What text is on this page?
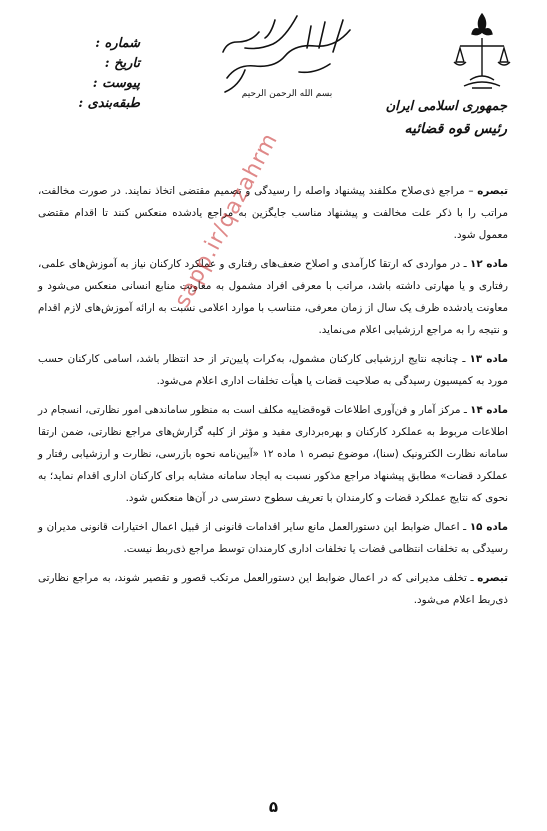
شماره :
تاریخ :
پیوست :
طبقه‌بندی :
بسم الله الرحمن الرحیم
جمهوری اسلامی ایران
رئیس قوه قضائیه

تبصره – مراجع ذی‌صلاح مکلفند پیشنهاد واصله را رسیدگی و تصمیم مقتضی اتخاذ نمایند. در صورت مخالفت، مراتب را با ذکر علت مخالفت و پیشنهاد مناسب جایگزین به مراجع یادشده منعکس کنند تا اقدام مقتضی معمول شود.

ماده ۱۲ ـ در مواردی که ارتقا کارآمدی و اصلاح ضعف‌های رفتاری و عملکرد کارکنان نیاز به آموزش‌های علمی، رفتاری و یا مهارتی داشته باشد، مراتب با معرفی افراد مشمول به معاونت منابع انسانی منعکس می‌شود و معاونت یادشده ظرف یک سال از زمان معرفی، متناسب با موارد اعلامی نسبت به ارائه آموزش‌های لازم اقدام و نتیجه را به مراجع ارزشیابی اعلام می‌نماید.

ماده ۱۳ ـ چنانچه نتایج ارزشیابی کارکنان مشمول، به‌کرات پایین‌تر از حد انتظار باشد، اسامی کارکنان حسب مورد به کمیسیون رسیدگی به صلاحیت قضات یا هیأت تخلفات اداری اعلام می‌شود.

ماده ۱۴ ـ مرکز آمار و فن‌آوری اطلاعات قوه‌قضاییه مکلف است به منظور ساماندهی امور نظارتی، انسجام در اطلاعات مربوط به عملکرد کارکنان و بهره‌برداری مفید و مؤثر از کلیه گزارش‌های مراجع نظارتی، ضمن ارتقا سامانه نظارت الکترونیک (سنا)، موضوع تبصره ۱ ماده ۱۲ «آیین‌نامه نحوه بازرسی، نظارت و ارزشیابی رفتار و عملکرد قضات» مطابق پیشنهاد مراجع مذکور نسبت به ایجاد سامانه مشابه برای کارکنان اداری اقدام نماید؛ به نحوی که نتایج عملکرد قضات و کارمندان با تعریف سطوح دسترسی در آن‌ها منعکس شود.

ماده ۱۵ ـ اعمال ضوابط این دستورالعمل مانع سایر اقدامات قانونی از قبیل اعمال اختیارات قانونی مدیران و رسیدگی به تخلفات انتظامی قضات یا تخلفات اداری کارمندان توسط مراجع ذی‌ربط نیست.

تبصره ـ تخلف مدیرانی که در اعمال ضوابط این دستورالعمل مرتکب قصور و تقصیر شوند، به مراجع نظارتی ذی‌ربط اعلام می‌شود.

sapp.ir/qazahrm
۵
